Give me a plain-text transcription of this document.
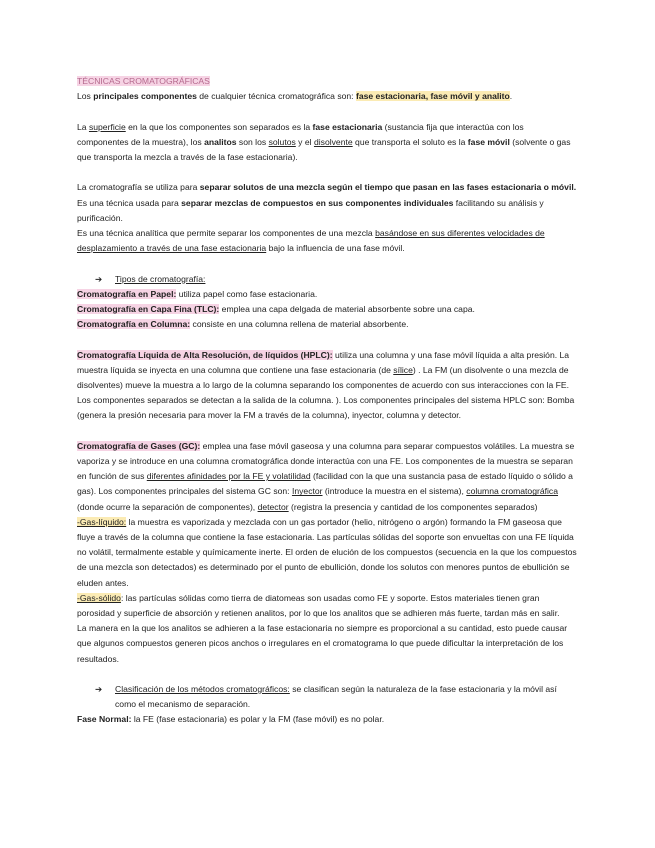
TÉCNICAS CROMATOGRÁFICAS

Los principales componentes de cualquier técnica cromatográfica son: fase estacionaria, fase móvil y analito.

La superficie en la que los componentes son separados es la fase estacionaria (sustancia fija que interactúa con los componentes de la muestra), los analitos son los solutos y el disolvente que transporta el soluto es la fase móvil (solvente o gas que transporta la mezcla a través de la fase estacionaria).

La cromatografía se utiliza para separar solutos de una mezcla según el tiempo que pasan en las fases estacionaria o móvil. Es una técnica usada para separar mezclas de compuestos en sus componentes individuales facilitando su análisis y purificación.

Es una técnica analítica que permite separar los componentes de una mezcla basándose en sus diferentes velocidades de desplazamiento a través de una fase estacionaria bajo la influencia de una fase móvil.

➔	Tipos de cromatografía:

Cromatografía en Papel: utiliza papel como fase estacionaria.

Cromatografía en Capa Fina (TLC): emplea una capa delgada de material absorbente sobre una capa.

Cromatografía en Columna: consiste en una columna rellena de material absorbente.

Cromatografía Líquida de Alta Resolución, de líquidos (HPLC): utiliza una columna y una fase móvil líquida a alta presión. La muestra líquida se inyecta en una columna que contiene una fase estacionaria (de sílice) . La FM (un disolvente o una mezcla de disolventes) mueve la muestra a lo largo de la columna separando los componentes de acuerdo con sus interacciones con la FE. Los componentes separados se detectan a la salida de la columna. ). Los componentes principales del sistema HPLC son: Bomba (genera la presión necesaria para mover la FM a través de la columna), inyector, columna y detector.

Cromatografía de Gases (GC): emplea una fase móvil gaseosa y una columna para separar compuestos volátiles. La muestra se vaporiza y se introduce en una columna cromatográfica donde interactúa con una FE. Los componentes de la muestra se separan en función de sus diferentes afinidades por la FE y volatilidad (facilidad con la que una sustancia pasa de estado líquido o sólido a gas). Los componentes principales del sistema GC son: Inyector (introduce la muestra en el sistema), columna cromatográfica (donde ocurre la separación de componentes), detector (registra la presencia y cantidad de los componentes separados)

-Gas-líquido: la muestra es vaporizada y mezclada con un gas portador (helio, nitrógeno o argón) formando la FM gaseosa que fluye a través de la columna que contiene la fase estacionaria. Las partículas sólidas del soporte son envueltas con una FE líquida no volátil, termalmente estable y químicamente inerte. El orden de elución de los compuestos (secuencia en la que los compuestos de una mezcla son detectados) es determinado por el punto de ebullición, donde los solutos con menores puntos de ebullición se eluden antes.

-Gas-sólido: las partículas sólidas como tierra de diatomeas son usadas como FE y soporte. Estos materiales tienen gran porosidad y superficie de absorción y retienen analitos, por lo que los analitos que se adhieren más fuerte, tardan más en salir.

La manera en la que los analitos se adhieren a la fase estacionaria no siempre es proporcional a su cantidad, esto puede causar que algunos compuestos generen picos anchos o irregulares en el cromatograma lo que puede dificultar la interpretación de los resultados.

➔	Clasificación de los métodos cromatográficos: se clasifican según la naturaleza de la fase estacionaria y la móvil así como el mecanismo de separación.

Fase Normal: la FE (fase estacionaria) es polar y la FM (fase móvil) es no polar.
